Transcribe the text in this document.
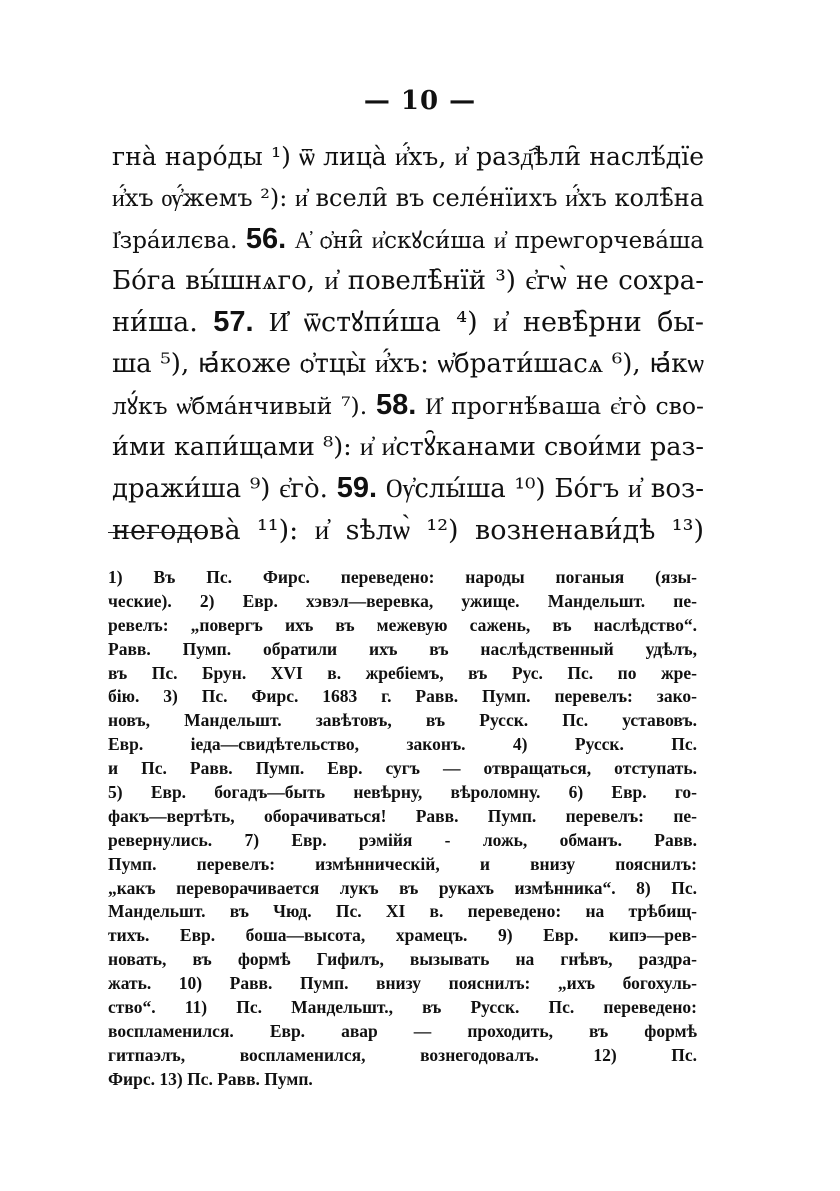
— 10 —
гна̀ наро́ды ¹) ѿ лица̀ и҆́хъ, и҆ разд҄ѣли̑ наслѣ́дїе
и҆́хъ ѹ҆́жемъ ²): и҆ всели̑ въ селе́нїихъ и҆́хъ колѣ̑на
І҆зра́илєва. 56. А҆ ѻ҆ни̑ и҆скꙋси́ша и҆ преѡгорчева́ша
Бо́га вы́шнѧго, и҆ повелѣ̑нїй ³) є҆гѡ̀ не сохра-
ни́ша. 57. И҆ ѿстꙋпи́ша ⁴) и҆ невѣ̑рни бы-
ша ⁵), ꙗ҆́коже ѻ҆тцы̀ и҆́хъ: ѡ҆брати́шасѧ ⁶), ꙗ҆́кѡ
лꙋ́къ ѡ҆бма́нчивый ⁷). 58. И҆ прогнѣ́ваша є҆го̀ сво-
и́ми капи́щами ⁸): и҆ и҆стꙋ̑канами свои́ми раз-
дражи́ша ⁹) є҆го̀. 59. Ѹ҆слы́ша ¹⁰) Бо́гъ и҆ воз-
негодова̀ ¹¹): и҆ ѕѣлѡ̀ ¹²) возненави́дѣ ¹³)
1) Въ Пс. Фирс. переведено: народы поганыя (язы-
ческие). 2) Евр. хэвэл—веревка, ужище. Мандельшт. пе-
ревелъ: „повергъ ихъ въ межевую сажень, въ наслѣдство“.
Равв. Пумп. обратили ихъ въ наслѣдственный удѣлъ,
въ Пс. Брун. XVI в. жребіемъ, въ Рус. Пс. по жре-
бію. 3) Пс. Фирс. 1683 г. Равв. Пумп. перевелъ: зако-
новъ, Мандельшт. завѣтовъ, въ Русск. Пс. уставовъ.
Евр. іеда—свидѣтельство, законъ. 4) Русск. Пс.
и Пс. Равв. Пумп. Евр. сугъ — отвращаться, отступать.
5) Евр. богадъ—быть невѣрну, вѣроломну. 6) Евр. го-
факъ—вертѣть, оборачиваться! Равв. Пумп. перевелъ: пе-
ревернулись. 7) Евр. рэмійя - ложь, обманъ. Равв.
Пумп. перевелъ: измѣнническій, и внизу пояснилъ:
„какъ переворачивается лукъ въ рукахъ измѣнника“. 8) Пс.
Мандельшт. въ Чюд. Пс. XI в. переведено: на трѣбищ-
тихъ. Евр. боша—высота, храмецъ. 9) Евр. кипэ—рев-
новать, въ формѣ Гифилъ, вызывать на гнѣвъ, раздра-
жать. 10) Равв. Пумп. внизу пояснилъ: „ихъ богохуль-
ство“. 11) Пс. Мандельшт., въ Русск. Пс. переведено:
воспламенился. Евр. авар — проходить, въ формѣ
гитпаэлъ, воспламенился, вознегодовалъ. 12) Пс.
Фирс. 13) Пс. Равв. Пумп.
